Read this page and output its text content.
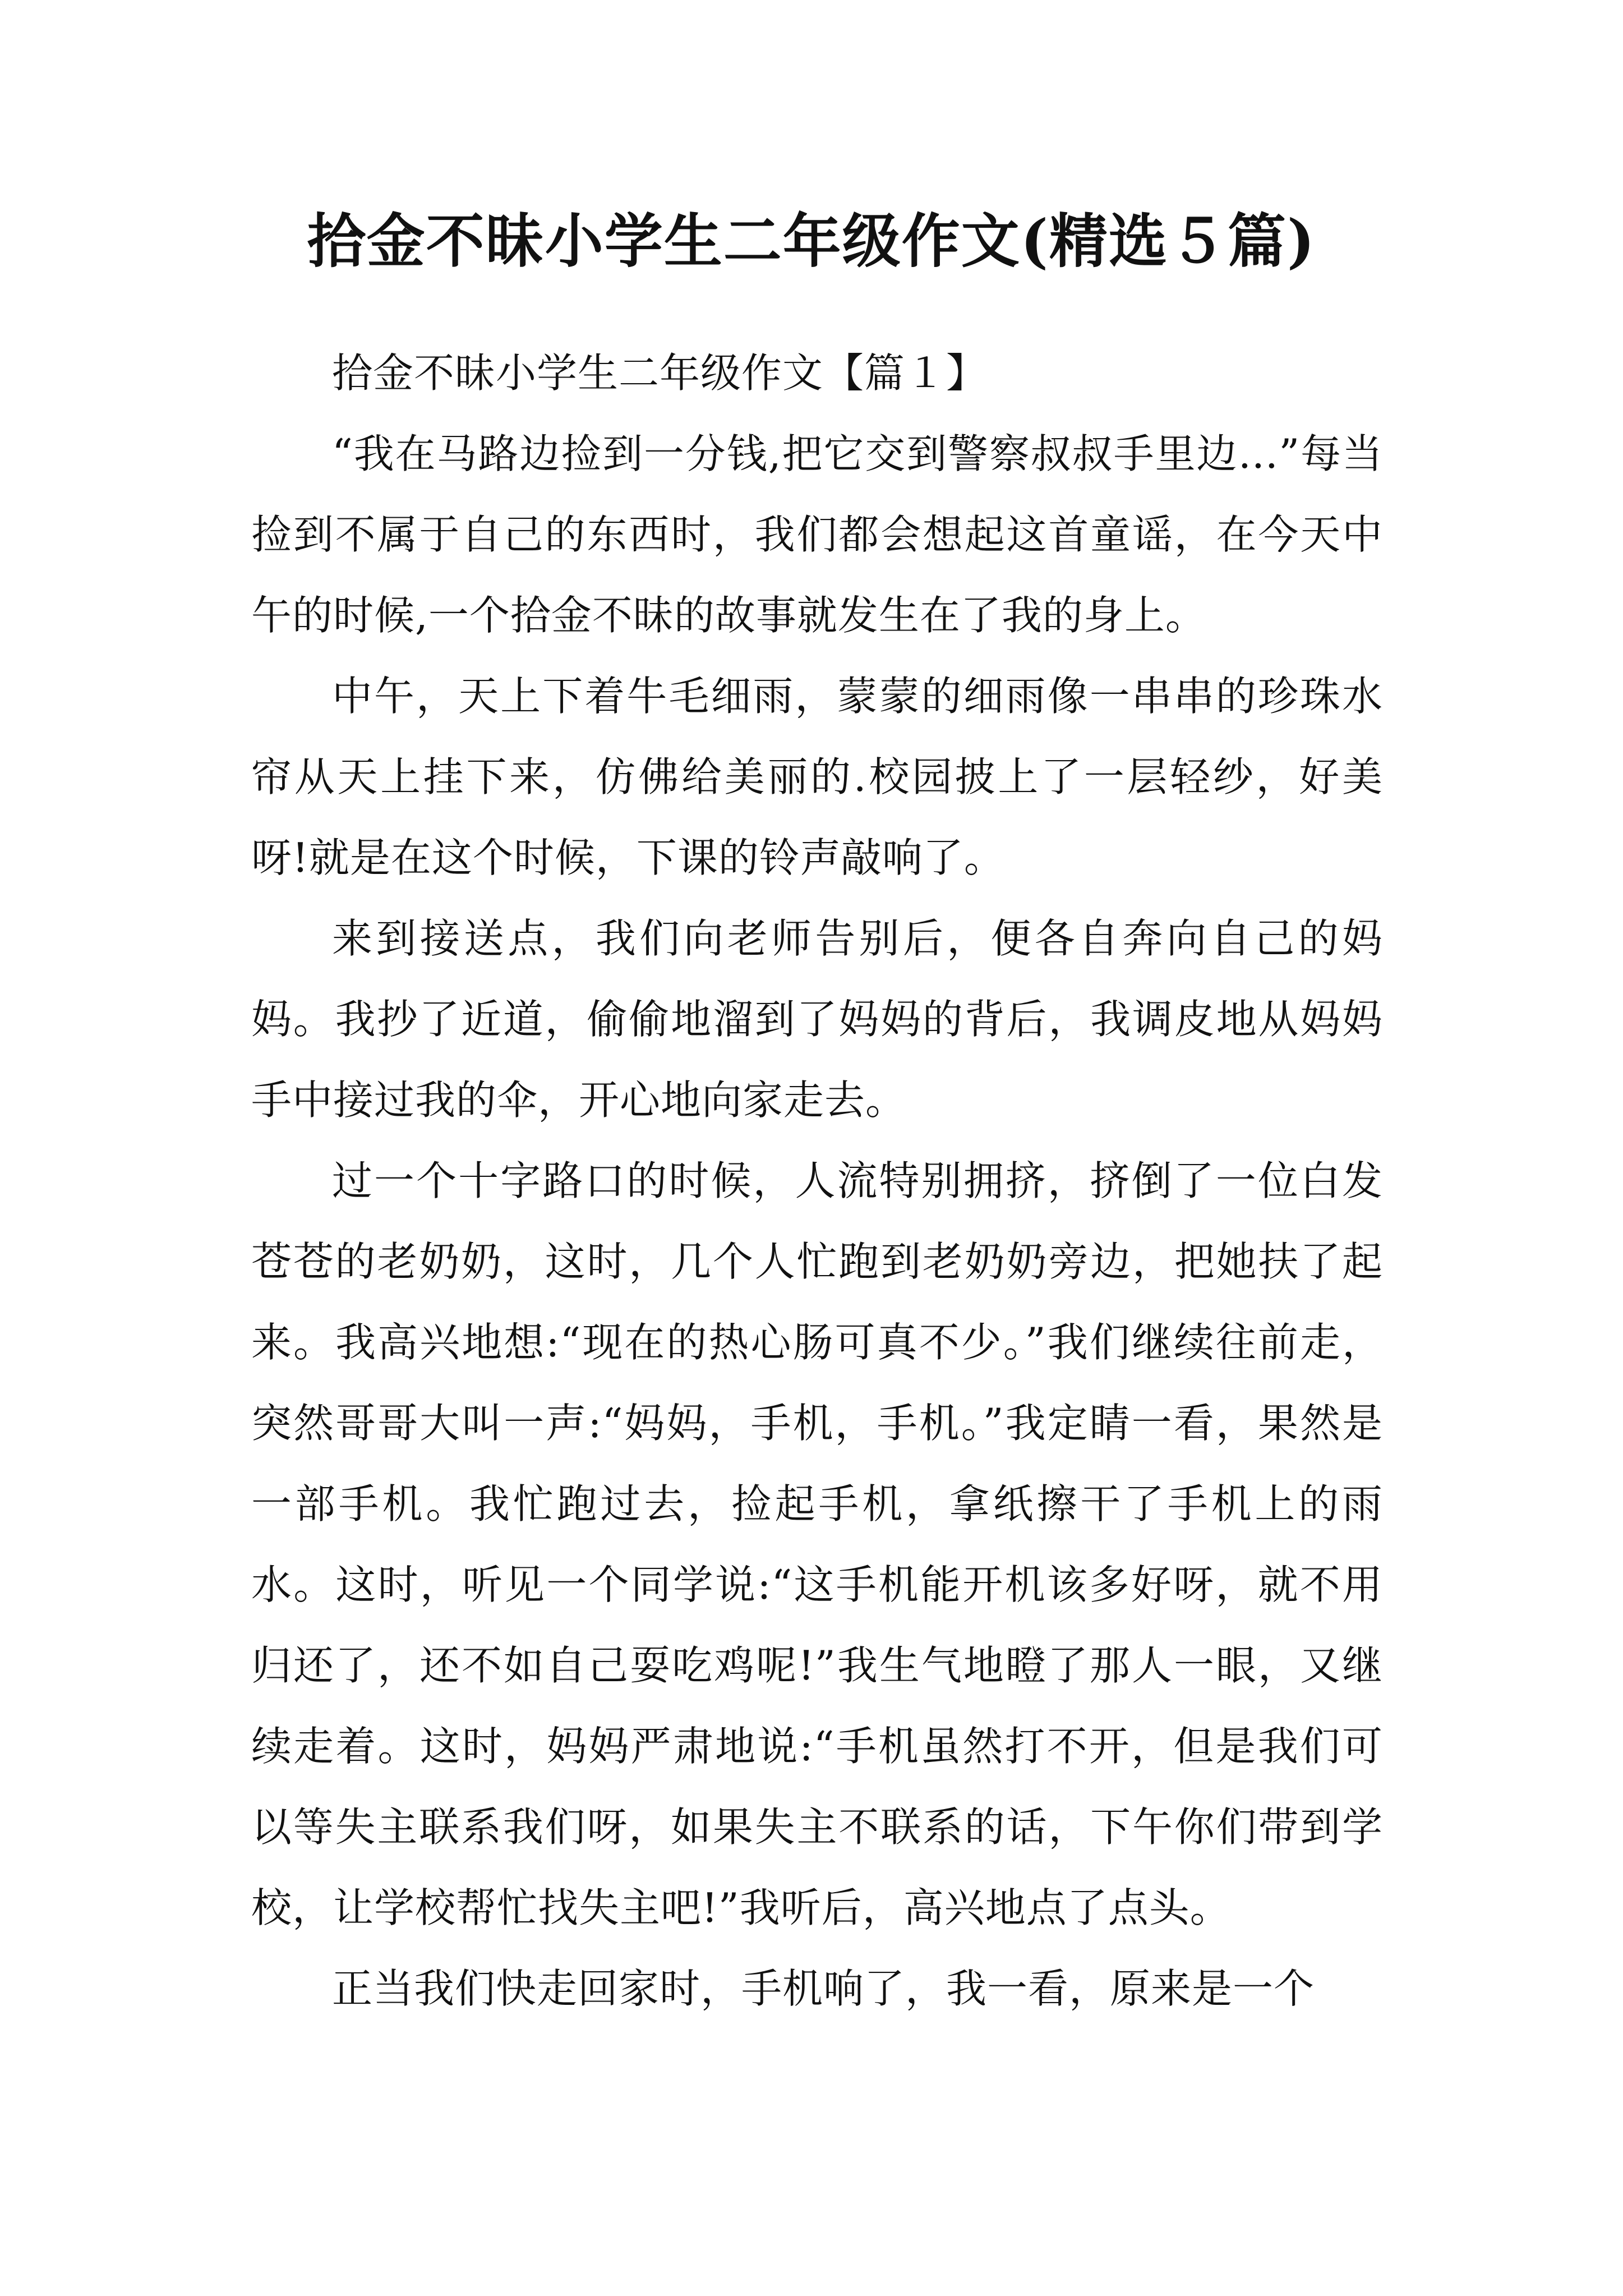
拾金不昧小学生二年级作文(精选５篇)

拾金不昧小学生二年级作文【篇１】

“我在马路边捡到一分钱,把它交到警察叔叔手里边…”每当捡到不属于自己的东西时，我们都会想起这首童谣，在今天中午的时候,一个拾金不昧的故事就发生在了我的身上。

中午，天上下着牛毛细雨，蒙蒙的细雨像一串串的珍珠水帘从天上挂下来，仿佛给美丽的.校园披上了一层轻纱，好美呀!就是在这个时候，下课的铃声敲响了。

来到接送点，我们向老师告别后，便各自奔向自己的妈妈。我抄了近道，偷偷地溜到了妈妈的背后，我调皮地从妈妈手中接过我的伞，开心地向家走去。

过一个十字路口的时候，人流特别拥挤，挤倒了一位白发苍苍的老奶奶，这时，几个人忙跑到老奶奶旁边，把她扶了起来。我高兴地想:“现在的热心肠可真不少。”我们继续往前走，突然哥哥大叫一声:“妈妈，手机，手机。”我定睛一看，果然是一部手机。我忙跑过去，捡起手机，拿纸擦干了手机上的雨水。这时，听见一个同学说:“这手机能开机该多好呀，就不用归还了，还不如自己耍吃鸡呢!”我生气地瞪了那人一眼，又继续走着。这时，妈妈严肃地说:“手机虽然打不开，但是我们可以等失主联系我们呀，如果失主不联系的话，下午你们带到学校，让学校帮忙找失主吧!”我听后，高兴地点了点头。

正当我们快走回家时，手机响了，我一看，原来是一个
